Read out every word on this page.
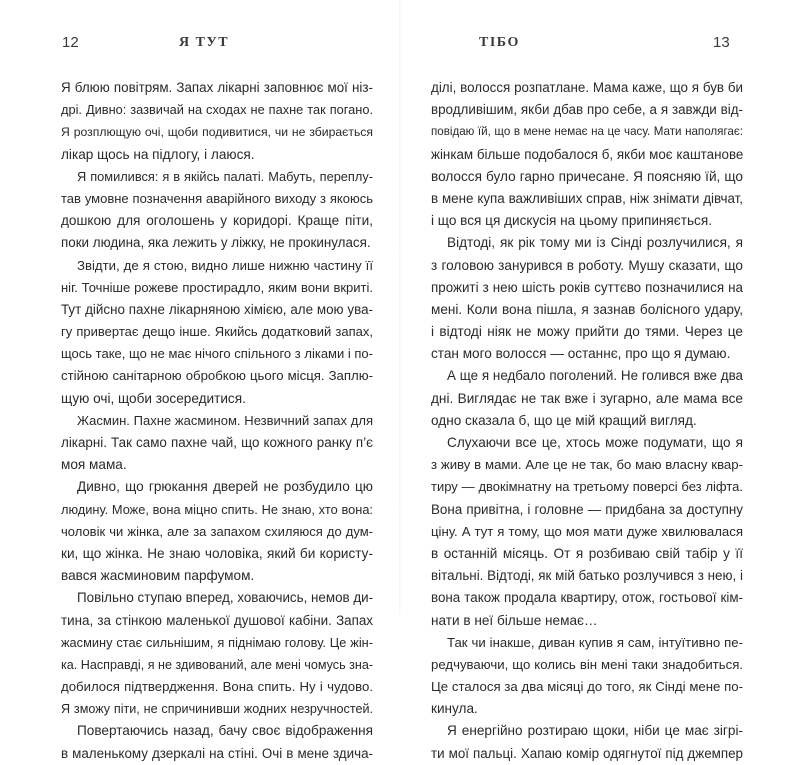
12	Я ТУТ
Я блюю повітрям. Запах лікарні заповнює мої ніз-
дрі. Дивно: зазвичай на сходах не пахне так погано.
Я розплющую очі, щоби подивитися, чи не збирається
лікар щось на підлогу, і лаюся.
Я помилився: я в якійсь палаті. Мабуть, переплу-
тав умовне позначення аварійного виходу з якоюсь
дошкою для оголошень у коридорі. Краще піти,
поки людина, яка лежить у ліжку, не прокинулася.
Звідти, де я стою, видно лише нижню частину її
ніг. Точніше рожеве простирадло, яким вони вкриті.
Тут дійсно пахне лікарняною хімією, але мою ува-
гу привертає дещо інше. Якийсь додатковий запах,
щось таке, що не має нічого спільного з ліками і по-
стійною санітарною обробкою цього місця. Заплю-
щую очі, щоби зосередитися.
Жасмин. Пахне жасмином. Незвичний запах для
лікарні. Так само пахне чай, що кожного ранку п’є
моя мама.
Дивно, що грюкання дверей не розбудило цю
людину. Може, вона міцно спить. Не знаю, хто вона:
чоловік чи жінка, але за запахом схиляюся до дум-
ки, що жінка. Не знаю чоловіка, який би користу-
вався жасминовим парфумом.
Повільно ступаю вперед, ховаючись, немов ди-
тина, за стінкою маленької душової кабіни. Запах
жасмину стає сильнішим, я піднімаю голову. Це жін-
ка. Насправді, я не здивований, але мені чомусь зна-
добилося підтвердження. Вона спить. Ну і чудово.
Я зможу піти, не спричинивши жодних незручностей.
Повертаючись назад, бачу своє відображення
в маленькому дзеркалі на стіні. Очі в мене здича-
ТІБО	13
ділі, волосся розпатлане. Мама каже, що я був би
вродливішим, якби дбав про себе, а я завжди від-
повідаю їй, що в мене немає на це часу. Мати наполягає:
жінкам більше подобалося б, якби моє каштанове
волосся було гарно причесане. Я поясняю їй, що
в мене купа важливіших справ, ніж знімати дівчат,
і що вся ця дискусія на цьому припиняється.
Відтоді, як рік тому ми із Сінді розлучилися, я
з головою занурився в роботу. Мушу сказати, що
прожиті з нею шість років суттєво позначилися на
мені. Коли вона пішла, я зазнав болісного удару,
і відтоді ніяк не можу прийти до тями. Через це
стан мого волосся — останнє, про що я думаю.
А ще я недбало поголений. Не голився вже два
дні. Виглядає не так вже і зугарно, але мама все
одно сказала б, що це мій кращий вигляд.
Слухаючи все це, хтось може подумати, що я
з живу в мами. Але це не так, бо маю власну квар-
тиру — двокімнатну на третьому поверсі без ліфта.
Вона привітна, і головне — придбана за доступну
ціну. А тут я тому, що моя мати дуже хвилювалася
в останній місяць. От я розбиваю свій табір у її
вітальні. Відтоді, як мій батько розлучився з нею, і
вона також продала квартиру, отож, гостьової кім-
нати в неї більше немає…
Так чи інакше, диван купив я сам, інтуїтивно пе-
редчуваючи, що колись він мені таки знадобиться.
Це сталося за два місяці до того, як Сінді мене по-
кинула.
Я енергійно розтираю щоки, ніби це має зігрі-
ти мої пальці. Хапаю комір одягнутої під джемпер
